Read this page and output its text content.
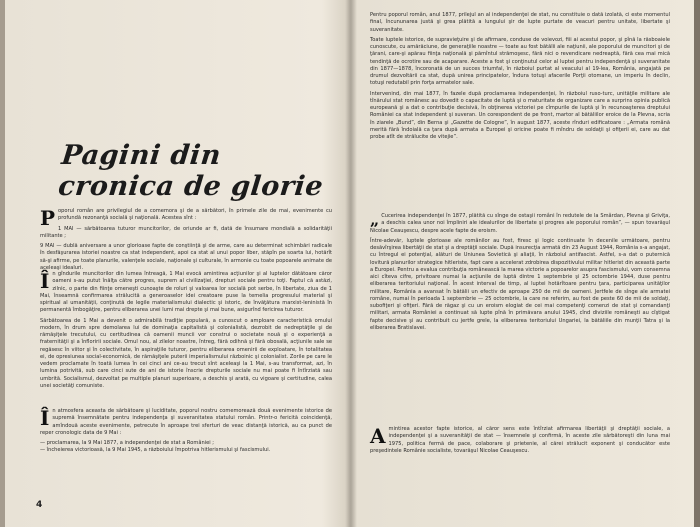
Pagini din cronica de glorie

Poporul român are privilegiul de a comemora şi de a sărbători, în primele zile de mai, evenimente cu profundă rezonanţă socială şi naţională. Acestea sînt :

1 MAI — sărbătoarea tuturor muncitorilor, de oriunde ar fi, dată de însumare mondială a solidarităţii militante ;

9 MAI — dublă aniversare a unor glorioase fapte de conştiinţă şi de arme, care au determinat schimbări radicale în desfăşurarea istoriei noastre ca stat independent, apoi ca stat al unui popor liber, stăpîn pe soarta lui, hotărît să-şi afirme, pe toate planurile, valenţele sociale, naţionale şi culturale, în armonie cu toate popoarele animate de aceleaşi idealuri.

În gîndurile muncitorilor din lumea întreagă, 1 Mai evocă amintirea acţiunilor şi al luptelor dătătoare căror oameni s-au putut înălţa către progres, suprem al civilizaţiei, drepturi sociale pentru toţi. Faptul că astăzi, zilnic, o parte din fiinţe omeneşti cunoaşte de roluri şi valoarea lor socială pot serbe, în libertate, ziua de 1 Mai, înseamnă confirmarea strălucită a generoaselor idei creatoare puse la temelia progresului material şi spiritual al umanităţii, conţinută de legile materialismului dialectic şi istoric, de învăţătura marxist-leninistă în permanentă îmbogăţire, pentru eliberarea unei lumi mai drepte şi mai bune, asigurînd fericirea tuturor.

Sărbătoarea de 1 Mai a devenit o admirabilă tradiţie populară, a cunoscut o amploare caracteristică omului modern, în drum spre demolarea lui de dominaţia capitalistă şi colonialistă, dezrobit de nedreptăţile şi de rămăşiţele trecutului, cu certitudinea că oamenii muncii vor construi o societate nouă şi o experienţă a fraternităţii şi a înfloririi sociale. Omul nou, al zilelor noastre, întreg, fără odihnă şi fără obosală, acţiunile sale se regăsesc în viitor şi în colectivitate, în aspiraţiile tuturor, pentru eliberarea omenirii de exploatare, în totalitatea ei, de opresiunea social-economică, de rămăşiţele puterii imperialismului războinic şi colonialist. Zorile pe care le vedem proclamate în toată lumea în cei cinci ani ce-au trecut sînt aceleaşi la 1 Mai, s-au transformat, azi, în lumina potrivită, sub care cinci sute de ani de istorie înscrie drepturile sociale nu mai poate fi întîrziată sau umbrită. Socialismul, dezvoltat pe multiple planuri superioare, a deschis şi arată, cu vigoare şi certitudine, calea unei societăţi comuniste.

În atmosfera aceasta de sărbătoare şi luciditate, poporul nostru comemorează două evenimente istorice de supremă însemnătate pentru independenţa şi suveranitatea statului român. Printr-o fericită coincidenţă, amîndouă aceste evenimente, petrecute în aproape trei sferturi de veac distanţă istorică, au ca punct de reper cronologic data de 9 Mai :

— proclamarea, la 9 Mai 1877, a independenţei de stat a României ;

— încheierea victorioasă, la 9 Mai 1945, a războiului împotriva hitlerismului şi fascismului.

4

Pentru poporul român, anul 1877, prilejul an al independenţei de stat, nu constituie o dată izolată, ci este momentul final, încununarea justă şi grea plătită a lungului şir de lupte purtate de veacuri pentru unitate, libertate şi suveranitate.

Toate luptele istorice, de supravieţuire şi de afirmare, conduse de voievozi, fiii ai acestui popor, şi pînă la răsboaiele cunoscute, cu amărăciune, de generaţiile noastre — toate au fost bătălii ale naţiunii, ale poporului de muncitori şi de ţărani, care-şi apărau fiinţa naţională şi pămîntul strămoşesc, fără nici o revendicare nedreaptă, fără cea mai mică tendinţă de ocrotire sau de acaparare. Aceste a fost şi conţinutul celor al luptei pentru independenţă şi suveranitate din 1877—1878, încoronată de un succes triumfal, în războiul purtat al veacului al 19-lea, România, angajată pe drumul dezvoltării ca stat, după unirea principatelor, îndura totuşi afacerile Porţii otomane, un imperiu în declin, totuşi redutabil prin forţa armatelor sale.

Intervenind, din mai 1877, în fazele după proclamarea independenţei, în războiul ruso-turc, unităţile militare ale tînărului stat românesc au dovedit o capacitate de luptă şi o maturitate de organizare care a surprins opinia publică europeană şi a dat o contribuţie decisivă, în obţinerea victoriei pe cîmpurile de luptă şi în recunoaşterea dreptului României ca stat independent şi suveran. Un corespondent de pe front, martor al bătăliilor eroice de la Plevna, scria în ziarele „Bund”, din Berna şi „Gazette de Cologne”, în august 1877, aceste rînduri edificatoare : „Armata română merită fără îndoială ca ţara după armata a Europei şi oricine poate fi mîndru de soldaţii şi ofiţerii ei, care au dat probe atît de strălucite de vitejie”.

„ Cucerirea independenţei în 1877, plătită cu sînge de ostaşii români în redutele de la Smârdan, Plevna şi Griviţa, a deschis calea unor noi împliniri ale idealurilor de libertate şi progres ale poporului român”, — spun tovarăşul Nicolae Ceauşescu, despre acele fapte de eroism.

Între-adevăr, luptele glorioase ale românilor au fost, firesc şi logic continuate în decenile următoare, pentru desăvîrşirea libertăţii de stat şi a dreptăţii sociale. După insurecţia armată din 23 August 1944, România s-a angajat, cu întregul ei potenţial, alături de Uniunea Sovietică şi aliaţii, în războiul antifascist. Astfel, s-a dat o puternică lovitură planurilor strategice hitleriste, fapt care a accelerat zdrobirea dispozitivului militar hitlerist din această parte a Europei. Pentru a evalua contribuţia românească la marea victorie a popoarelor asupra fascismului, vom consemna aici cîteva cifre, privitoare numai la acţiunile de luptă dintre 1 septembrie şi 25 octombrie 1944, duse pentru eliberarea teritoriului naţional. În acest interval de timp, al luptei hotărîtoare pentru ţara, participarea unităţilor militare, România a avansat în bătălii un efectiv de aproape 250 de mii de oameni. Jertfele de sînge ale armatei române, numai în perioada 1 septembrie — 25 octombrie, la care ne referim, au fost de peste 60 de mii de soldaţi, subofiţeri şi ofiţeri. Fără de răgaz şi cu un eroism elogiat de cei mai competenţi comenzi de stat şi comandanţi militari, armata României a continuat să lupte pînă în primăvara anului 1945, cînd diviziile româneşti au cîştigat fapte decisive şi au contribuit cu jertfe grele, la eliberarea teritoriului Ungariei, la bătăliile din munţii Tatra şi la eliberarea Bratislavei.

Amintirea acestor fapte istorice, al căror sens este întîrziat afirmarea libertăţii şi dreptăţii sociale, a independenţei şi a suveranităţii de stat — însemnele şi confirmă, în aceste zile sărbătoreşti din luna mai 1975, politica fermă de pace, colaborare şi prietenie, al cărei strălucit exponent şi conducător este preşedintele Românie socialiste, tovarăşul Nicolae Ceauşescu.
